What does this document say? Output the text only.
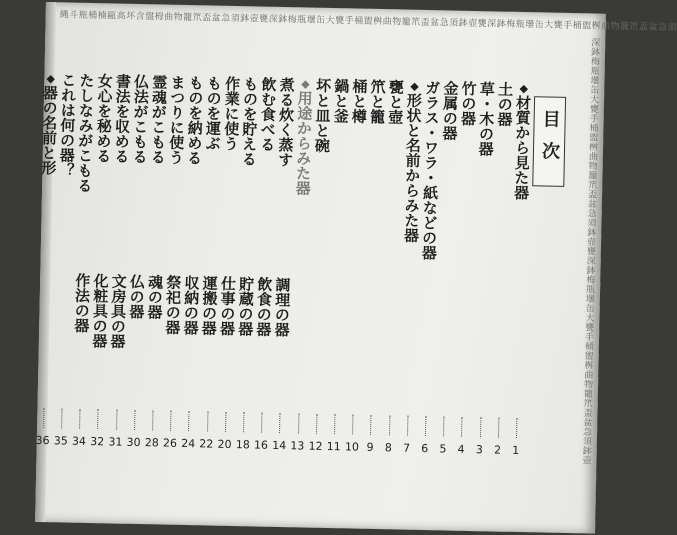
縄斗瓶桶楠甌高坏含盤栂曲物籠笊盃盆急須鉢壺甕深鉢梅瓶壜缶大甕手桶盥桝曲物籠笊盃盆急須鉢壺甕深鉢梅瓶壜缶大甕手桶盥桝曲物籠笊盃盆急須
深鉢梅瓶壜缶大甕手桶盥桝曲物籠笊盃盆急須鉢壺甕深鉢梅瓶壜缶大甕手桶盥桝曲物籠笊盃盆急須鉢壺
目次
◆材質から見た器
1
土の器
2
草・木の器
3
竹の器
4
金属の器
5
ガラス・ワラ・紙などの器
6
◆形状と名前からみた器
7
甕と壺
8
笊と籠
9
桶と樽
10
鍋と釜
11
坏と皿と碗
12
◆用途からみた器
13
煮る炊く蒸す　調理の器
14
飲む食べる　飲食の器
16
ものを貯える　貯蔵の器
18
作業に使う　仕事の器
20
ものを運ぶ　運搬の器
22
ものを納める　収納の器
24
まつりに使う　祭祀の器
26
霊魂がこもる　魂の器
28
仏法がこもる　仏の器
30
書法を収める　文房具の器
31
女心を秘める　化粧具の器
32
たしなみがこもる　作法の器
34
これは何の器？
35
◆器の名前と形
36
